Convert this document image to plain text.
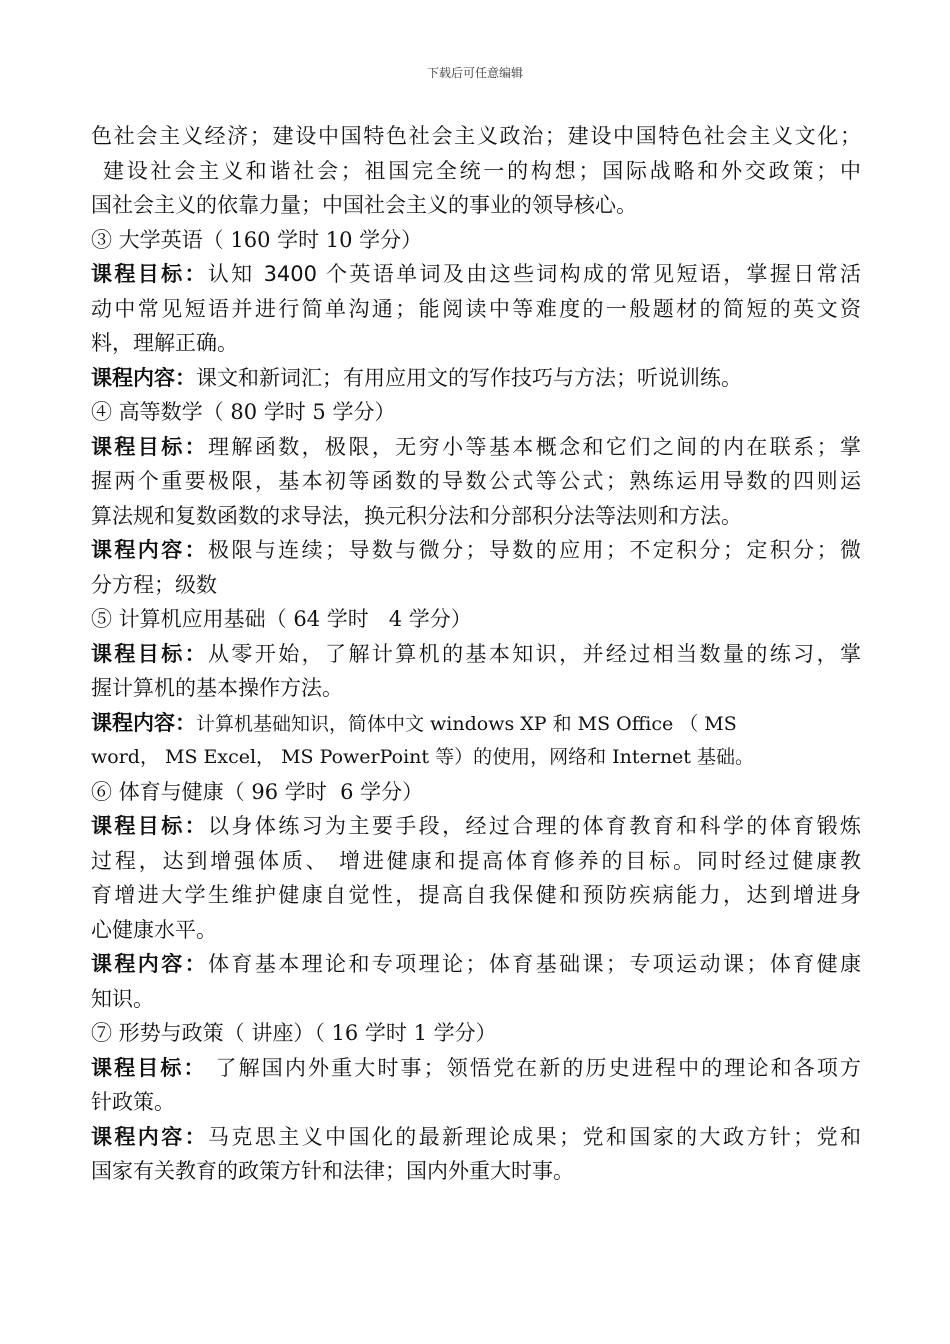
下载后可任意编辑
色社会主义经济；建设中国特色社会主义政治；建设中国特色社会主义文化；
建设社会主义和谐社会；祖国完全统一的构想；国际战略和外交政策；中
国社会主义的依靠力量；中国社会主义的事业的领导核心。
③ 大学英语（ 160 学时 10 学分）
课程目标：认知 3400 个英语单词及由这些词构成的常见短语，掌握日常活
动中常见短语并进行简单沟通；能阅读中等难度的一般题材的简短的英文资
料，理解正确。
课程内容：课文和新词汇；有用应用文的写作技巧与方法；听说训练。
④ 高等数学（ 80 学时 5 学分）
课程目标：理解函数，极限，无穷小等基本概念和它们之间的内在联系；掌
握两个重要极限，基本初等函数的导数公式等公式；熟练运用导数的四则运
算法规和复数函数的求导法，换元积分法和分部积分法等法则和方法。
课程内容：极限与连续；导数与微分；导数的应用；不定积分；定积分；微
分方程；级数
⑤ 计算机应用基础（ 64 学时   4 学分）
课程目标：从零开始，了解计算机的基本知识，并经过相当数量的练习，掌
握计算机的基本操作方法。
课程内容：计算机基础知识，简体中文 windows XP 和 MS Office （ MS
word， MS Excel， MS PowerPoint 等）的使用，网络和 Internet 基础。
⑥ 体育与健康（ 96 学时  6 学分）
课程目标：以身体练习为主要手段，经过合理的体育教育和科学的体育锻炼
过程，达到增强体质、 增进健康和提高体育修养的目标。同时经过健康教
育增进大学生维护健康自觉性，提高自我保健和预防疾病能力，达到增进身
心健康水平。
课程内容：体育基本理论和专项理论；体育基础课；专项运动课；体育健康
知识。
⑦ 形势与政策（ 讲座）（ 16 学时 1 学分）
课程目标： 了解国内外重大时事；领悟党在新的历史进程中的理论和各项方
针政策。
课程内容：马克思主义中国化的最新理论成果；党和国家的大政方针；党和
国家有关教育的政策方针和法律；国内外重大时事。
